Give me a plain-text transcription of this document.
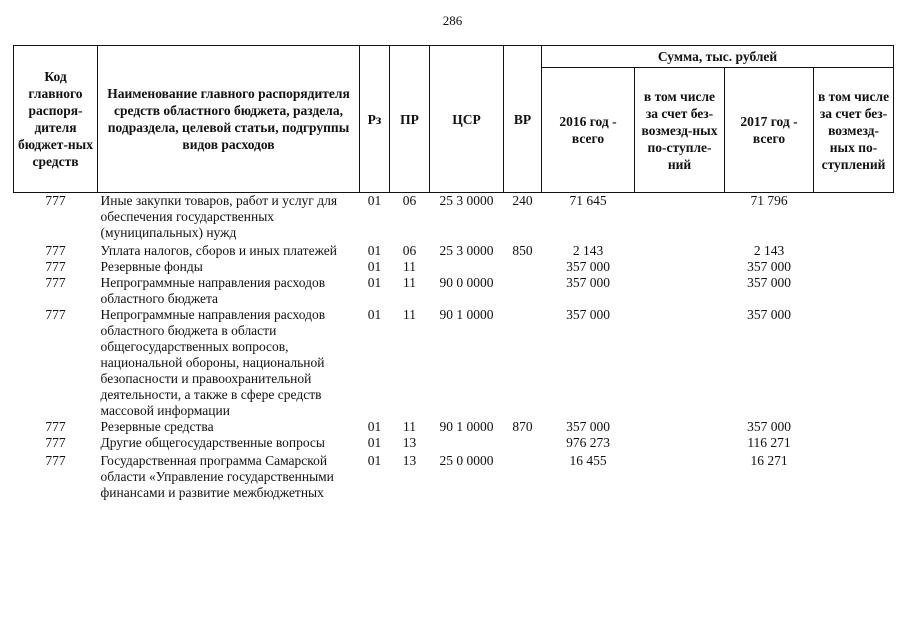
286
Код главного распоря-дителя бюджет-ных средств	Наименование главного распорядителя средств областного бюджета, раздела, подраздела, целевой статьи, подгруппы видов расходов	Рз	ПР	ЦСР	ВР	Сумма, тыс. рублей			
						2016 год - всего	в том числе за счет без-возмезд-ных по-ступле-ний	2017 год - всего	в том числе за счет без-возмезд-ных по-ступлений
777	Иные закупки товаров, работ и услуг для обеспечения государственных (муниципальных) нужд	01	06	25 3 0000	240	71 645		71 796	

777	Уплата налогов, сборов и иных платежей	01	06	25 3 0000	850	2 143		2 143	
777	Резервные фонды	01	11			357 000		357 000	
777	Непрограммные направления расходов областного бюджета	01	11	90 0 0000		357 000		357 000	
777	Непрограммные направления расходов областного бюджета в области общегосударственных вопросов, национальной обороны, национальной безопасности и правоохранительной деятельности, а также в сфере средств массовой информации	01	11	90 1 0000		357 000		357 000	
777	Резервные средства	01	11	90 1 0000	870	357 000		357 000	
777	Другие общегосударственные вопросы	01	13			976 273		116 271	

777	Государственная программа Самарской области «Управление государственными финансами и развитие межбюджетных	01	13	25 0 0000		16 455		16 271	
